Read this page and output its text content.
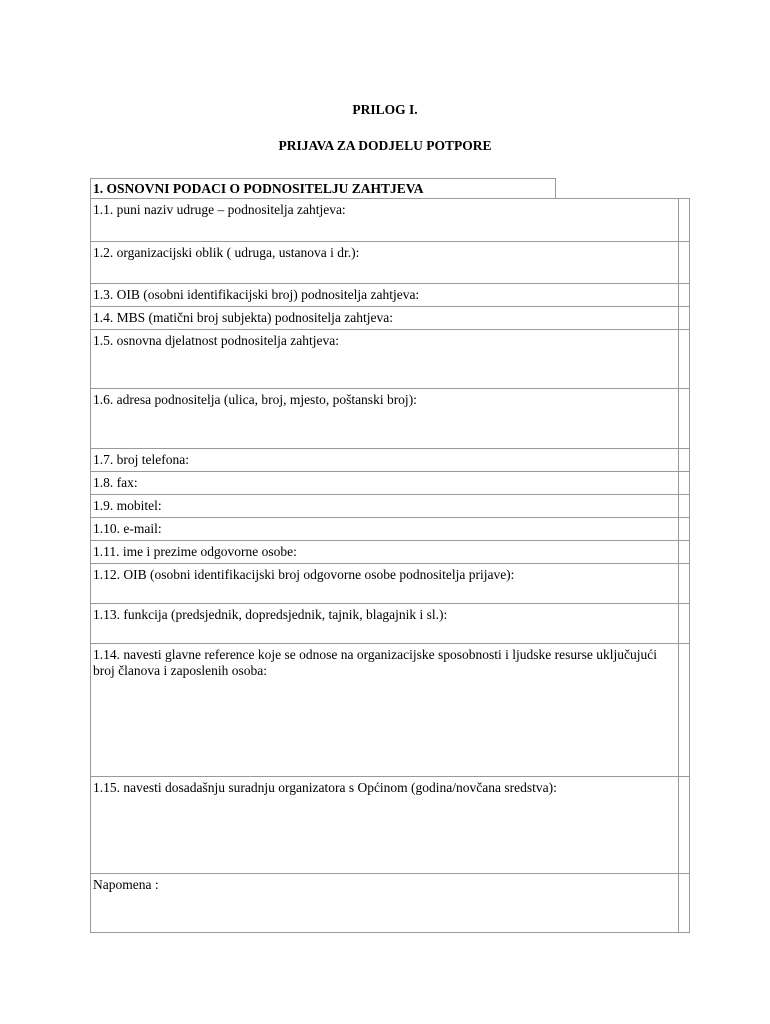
PRILOG I.
PRIJAVA ZA DODJELU POTPORE
1. OSNOVNI PODACI O PODNOSITELJU ZAHTJEVA
1.1. puni naziv udruge – podnositelja zahtjeva:
1.2. organizacijski oblik ( udruga, ustanova i dr.):
1.3. OIB (osobni identifikacijski broj) podnositelja zahtjeva:
1.4. MBS (matični broj subjekta) podnositelja zahtjeva:
1.5. osnovna djelatnost podnositelja zahtjeva:
1.6. adresa podnositelja (ulica, broj, mjesto, poštanski broj):
1.7. broj telefona:
1.8. fax:
1.9. mobitel:
1.10. e-mail:
1.11. ime i prezime odgovorne osobe:
1.12. OIB (osobni identifikacijski broj odgovorne osobe podnositelja prijave):
1.13. funkcija (predsjednik, dopredsjednik, tajnik, blagajnik i sl.):
1.14. navesti glavne reference koje se odnose na organizacijske sposobnosti i ljudske resurse uključujući broj članova i zaposlenih osoba:
1.15. navesti dosadašnju suradnju organizatora s Općinom (godina/novčana sredstva):
Napomena :
